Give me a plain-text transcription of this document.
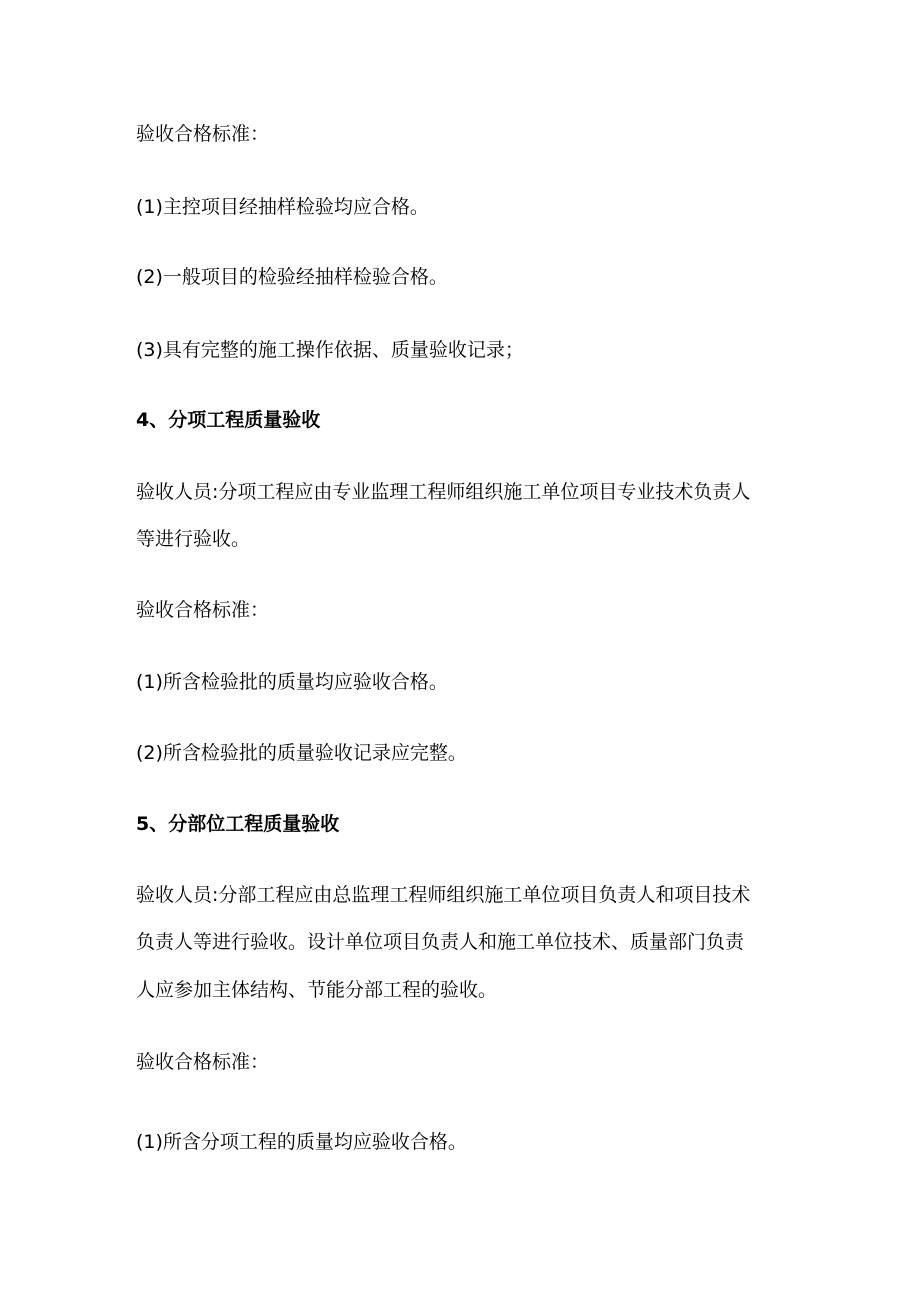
验收合格标准：
(1)主控项目经抽样检验均应合格。
(2)一般项目的检验经抽样检验合格。
(3)具有完整的施工操作依据、质量验收记录；
4、分项工程质量验收
验收人员:分项工程应由专业监理工程师组织施工单位项目专业技术负责人
等进行验收。
验收合格标准：
(1)所含检验批的质量均应验收合格。
(2)所含检验批的质量验收记录应完整。
5、分部位工程质量验收
验收人员:分部工程应由总监理工程师组织施工单位项目负责人和项目技术
负责人等进行验收。设计单位项目负责人和施工单位技术、质量部门负责
人应参加主体结构、节能分部工程的验收。
验收合格标准：
(1)所含分项工程的质量均应验收合格。
